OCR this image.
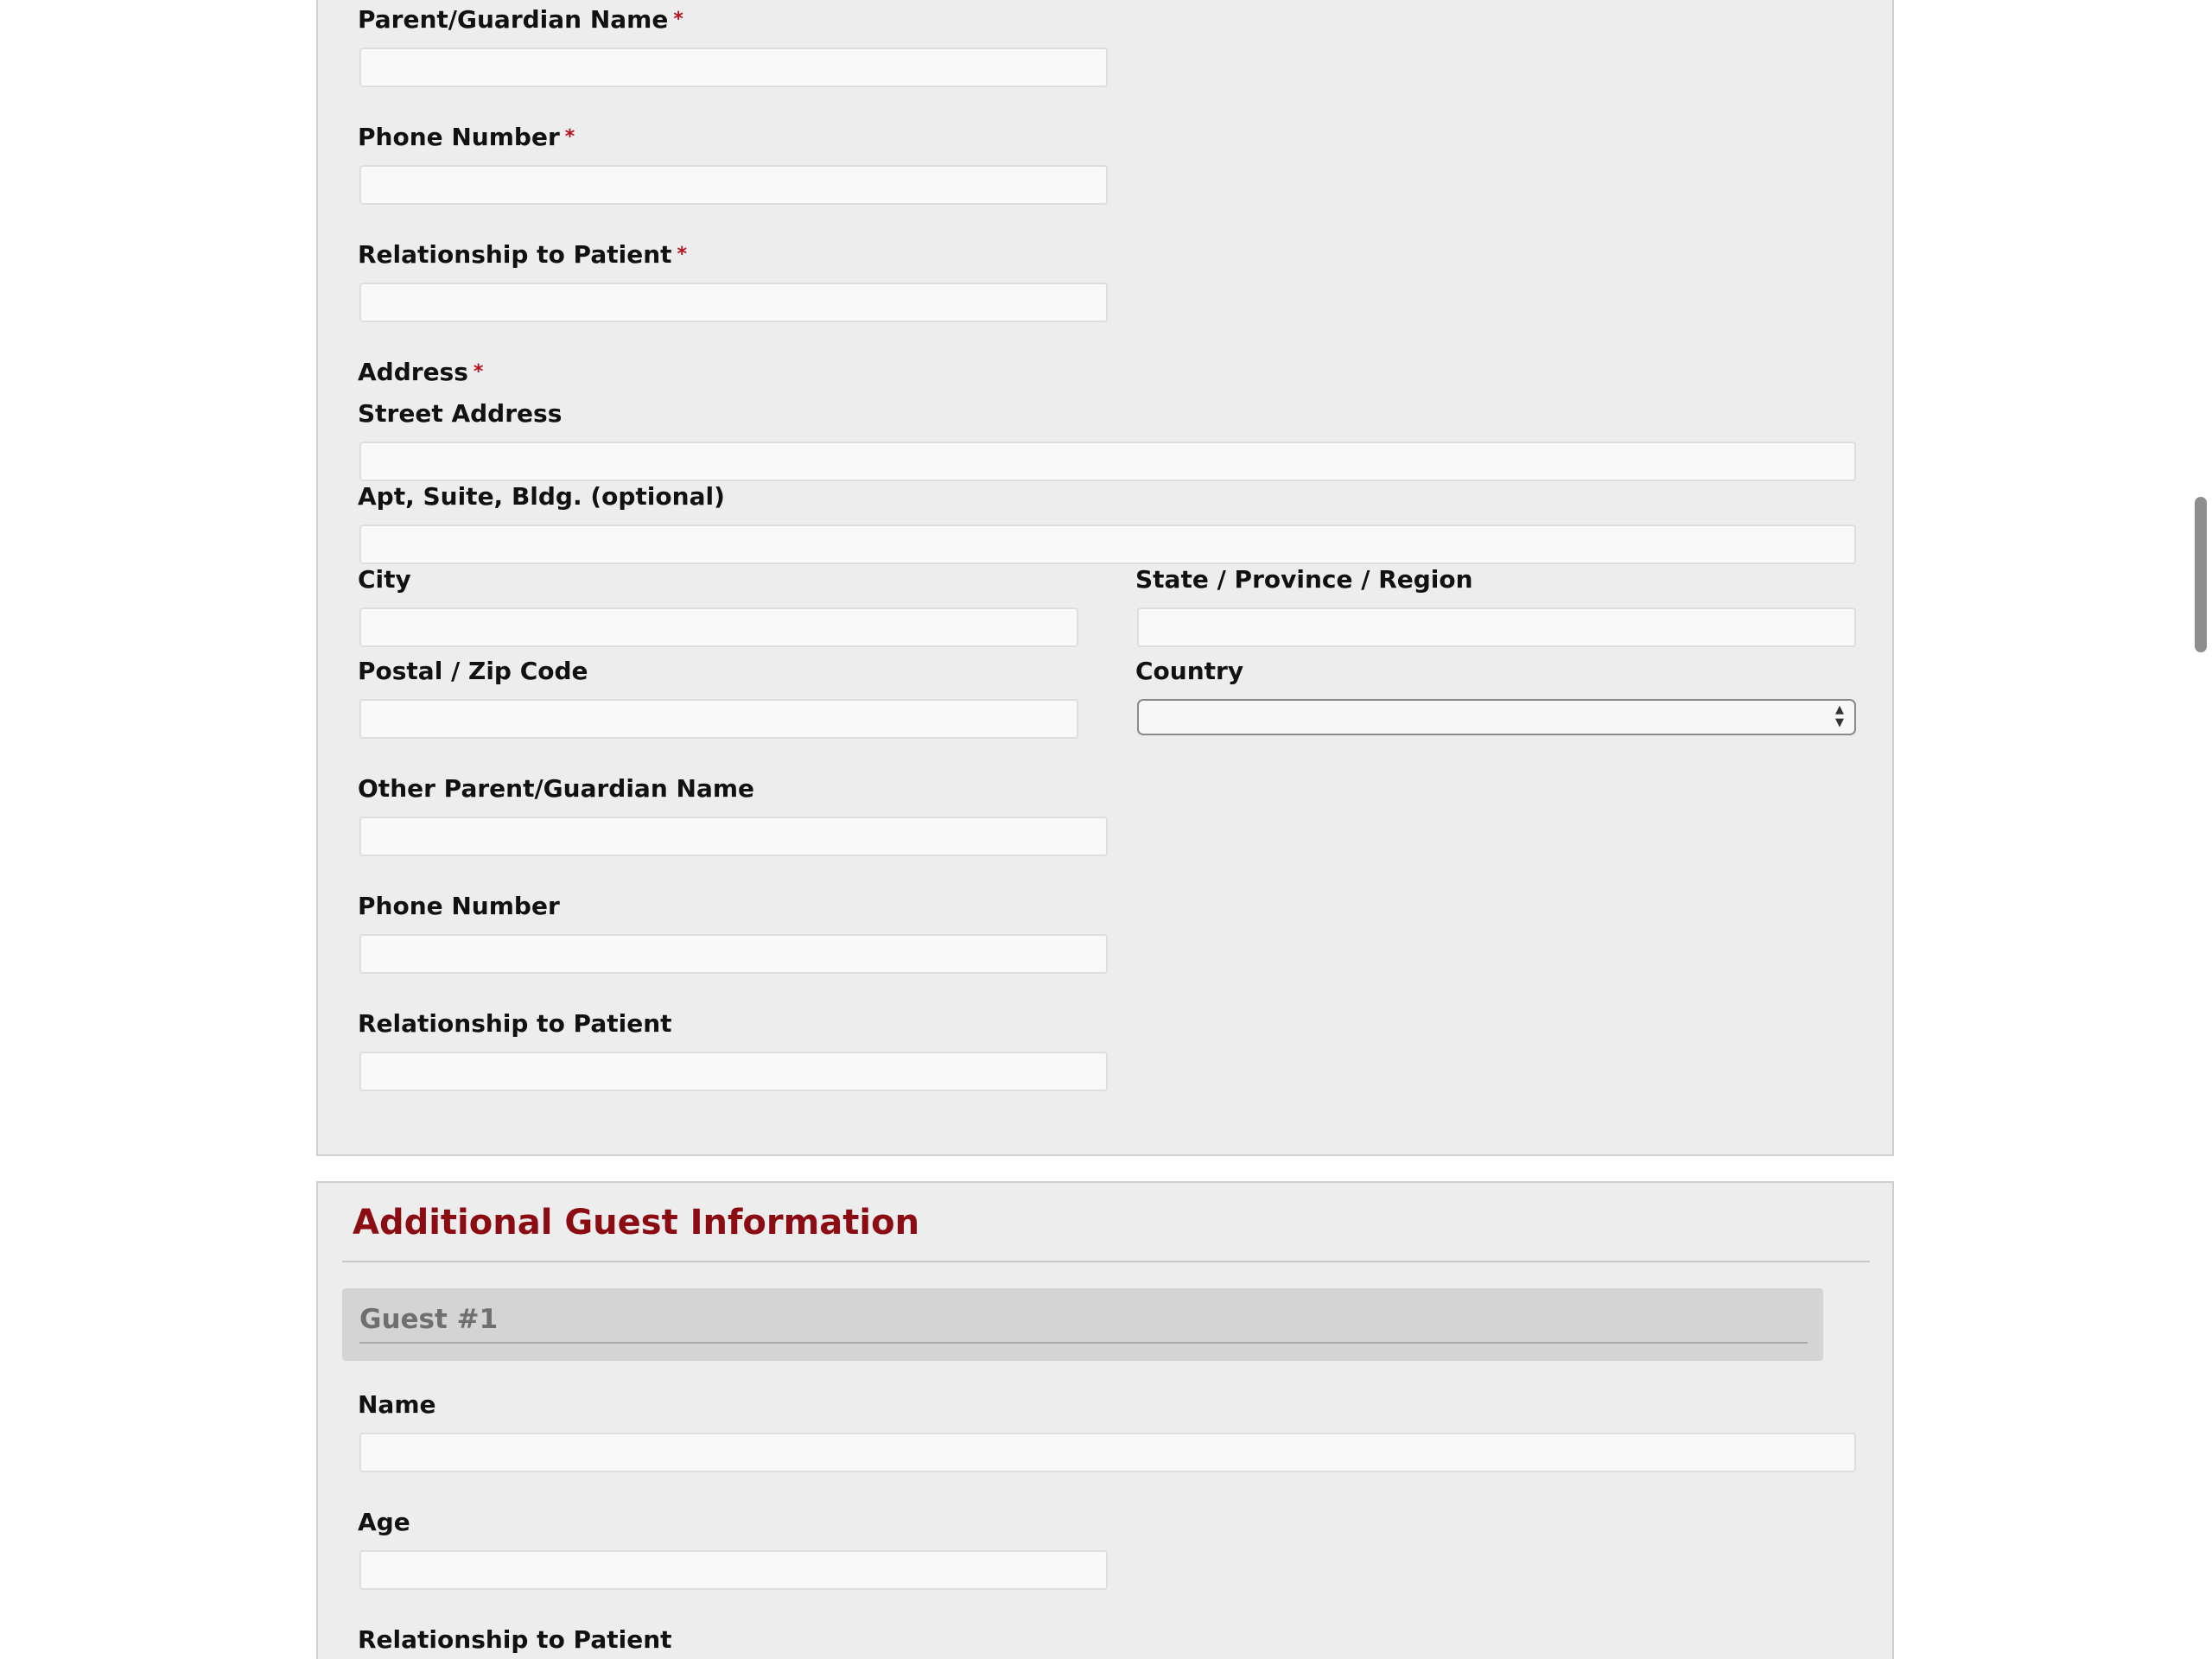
Parent/Guardian Name *
Phone Number *
Relationship to Patient *
Address *
Street Address
Apt, Suite, Bldg. (optional)
City	State / Province / Region
Postal / Zip Code	Country
▲
▼
Other Parent/Guardian Name
Phone Number
Relationship to Patient
Additional Guest Information
Guest #1
Name
Age
Relationship to Patient
